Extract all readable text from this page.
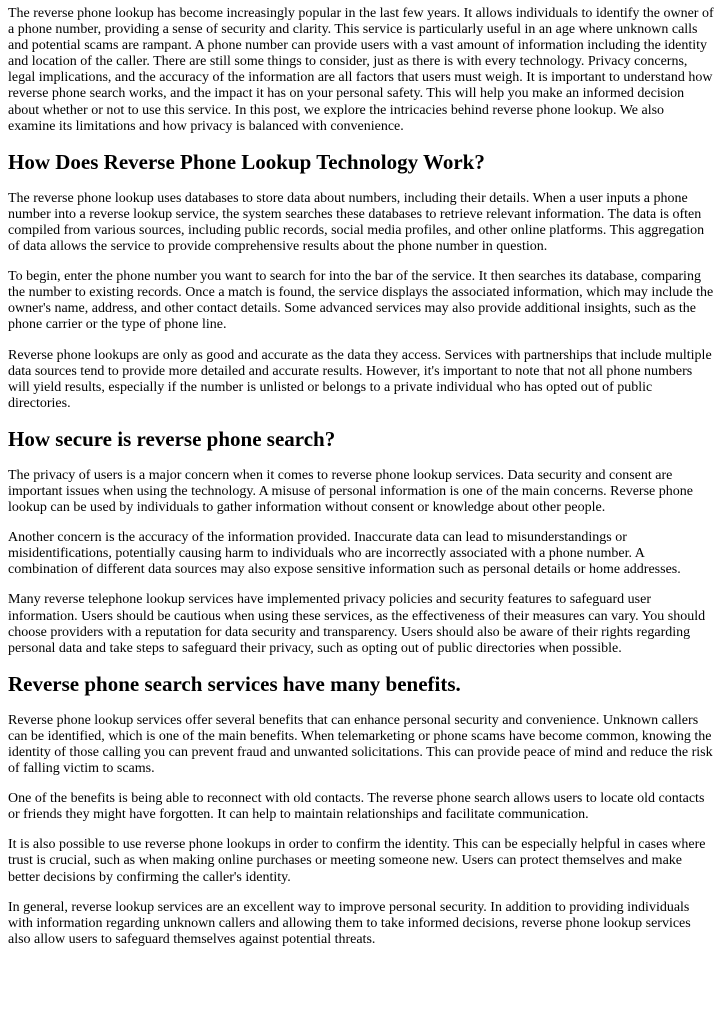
The reverse phone lookup has become increasingly popular in the last few years. It allows individuals to identify the owner of a phone number, providing a sense of security and clarity. This service is particularly useful in an age where unknown calls and potential scams are rampant. A phone number can provide users with a vast amount of information including the identity and location of the caller. There are still some things to consider, just as there is with every technology. Privacy concerns, legal implications, and the accuracy of the information are all factors that users must weigh. It is important to understand how reverse phone search works, and the impact it has on your personal safety. This will help you make an informed decision about whether or not to use this service. In this post, we explore the intricacies behind reverse phone lookup. We also examine its limitations and how privacy is balanced with convenience.

How Does Reverse Phone Lookup Technology Work?

The reverse phone lookup uses databases to store data about numbers, including their details. When a user inputs a phone number into a reverse lookup service, the system searches these databases to retrieve relevant information. The data is often compiled from various sources, including public records, social media profiles, and other online platforms. This aggregation of data allows the service to provide comprehensive results about the phone number in question.

To begin, enter the phone number you want to search for into the bar of the service. It then searches its database, comparing the number to existing records. Once a match is found, the service displays the associated information, which may include the owner's name, address, and other contact details. Some advanced services may also provide additional insights, such as the phone carrier or the type of phone line.

Reverse phone lookups are only as good and accurate as the data they access. Services with partnerships that include multiple data sources tend to provide more detailed and accurate results. However, it's important to note that not all phone numbers will yield results, especially if the number is unlisted or belongs to a private individual who has opted out of public directories.

How secure is reverse phone search?

The privacy of users is a major concern when it comes to reverse phone lookup services. Data security and consent are important issues when using the technology. A misuse of personal information is one of the main concerns. Reverse phone lookup can be used by individuals to gather information without consent or knowledge about other people.

Another concern is the accuracy of the information provided. Inaccurate data can lead to misunderstandings or misidentifications, potentially causing harm to individuals who are incorrectly associated with a phone number. A combination of different data sources may also expose sensitive information such as personal details or home addresses.

Many reverse telephone lookup services have implemented privacy policies and security features to safeguard user information. Users should be cautious when using these services, as the effectiveness of their measures can vary. You should choose providers with a reputation for data security and transparency. Users should also be aware of their rights regarding personal data and take steps to safeguard their privacy, such as opting out of public directories when possible.

Reverse phone search services have many benefits.

Reverse phone lookup services offer several benefits that can enhance personal security and convenience. Unknown callers can be identified, which is one of the main benefits. When telemarketing or phone scams have become common, knowing the identity of those calling you can prevent fraud and unwanted solicitations. This can provide peace of mind and reduce the risk of falling victim to scams.

One of the benefits is being able to reconnect with old contacts. The reverse phone search allows users to locate old contacts or friends they might have forgotten. It can help to maintain relationships and facilitate communication.

It is also possible to use reverse phone lookups in order to confirm the identity. This can be especially helpful in cases where trust is crucial, such as when making online purchases or meeting someone new. Users can protect themselves and make better decisions by confirming the caller's identity.

In general, reverse lookup services are an excellent way to improve personal security. In addition to providing individuals with information regarding unknown callers and allowing them to take informed decisions, reverse phone lookup services also allow users to safeguard themselves against potential threats.
